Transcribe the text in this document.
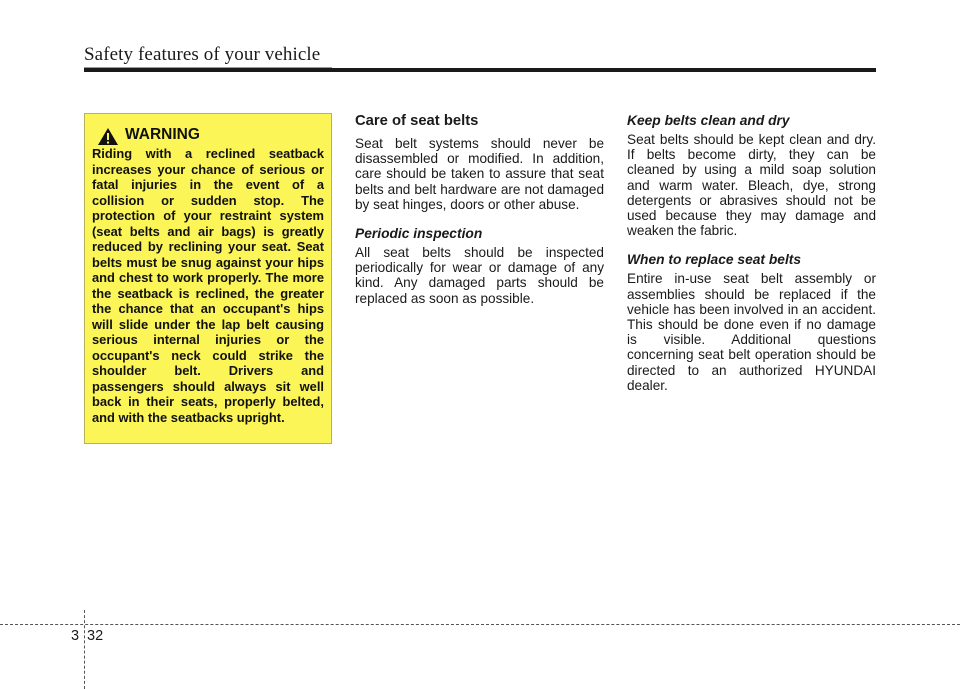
Safety features of your vehicle
WARNING
Riding with a reclined seatback increases your chance of serious or fatal injuries in the event of a collision or sudden stop. The protection of your restraint system (seat belts and air bags) is greatly reduced by reclining your seat. Seat belts must be snug against your hips and chest to work properly. The more the seatback is reclined, the greater the chance that an occupant's hips will slide under the lap belt causing serious internal injuries or the occupant's neck could strike the shoulder belt. Drivers and passengers should always sit well back in their seats, properly belted, and with the seatbacks upright.
Care of seat belts

Seat belt systems should never be disassembled or modified. In addition, care should be taken to assure that seat belts and belt hardware are not damaged by seat hinges, doors or other abuse.

Periodic inspection

All seat belts should be inspected periodically for wear or damage of any kind. Any damaged parts should be replaced as soon as possible.

Keep belts clean and dry

Seat belts should be kept clean and dry. If belts become dirty, they can be cleaned by using a mild soap solution and warm water. Bleach, dye, strong detergents or abrasives should not be used because they may damage and weaken the fabric.

When to replace seat belts

Entire in-use seat belt assembly or assemblies should be replaced if the vehicle has been involved in an accident. This should be done even if no damage is visible. Additional questions concerning seat belt operation should be directed to an authorized HYUNDAI dealer.

3 32
